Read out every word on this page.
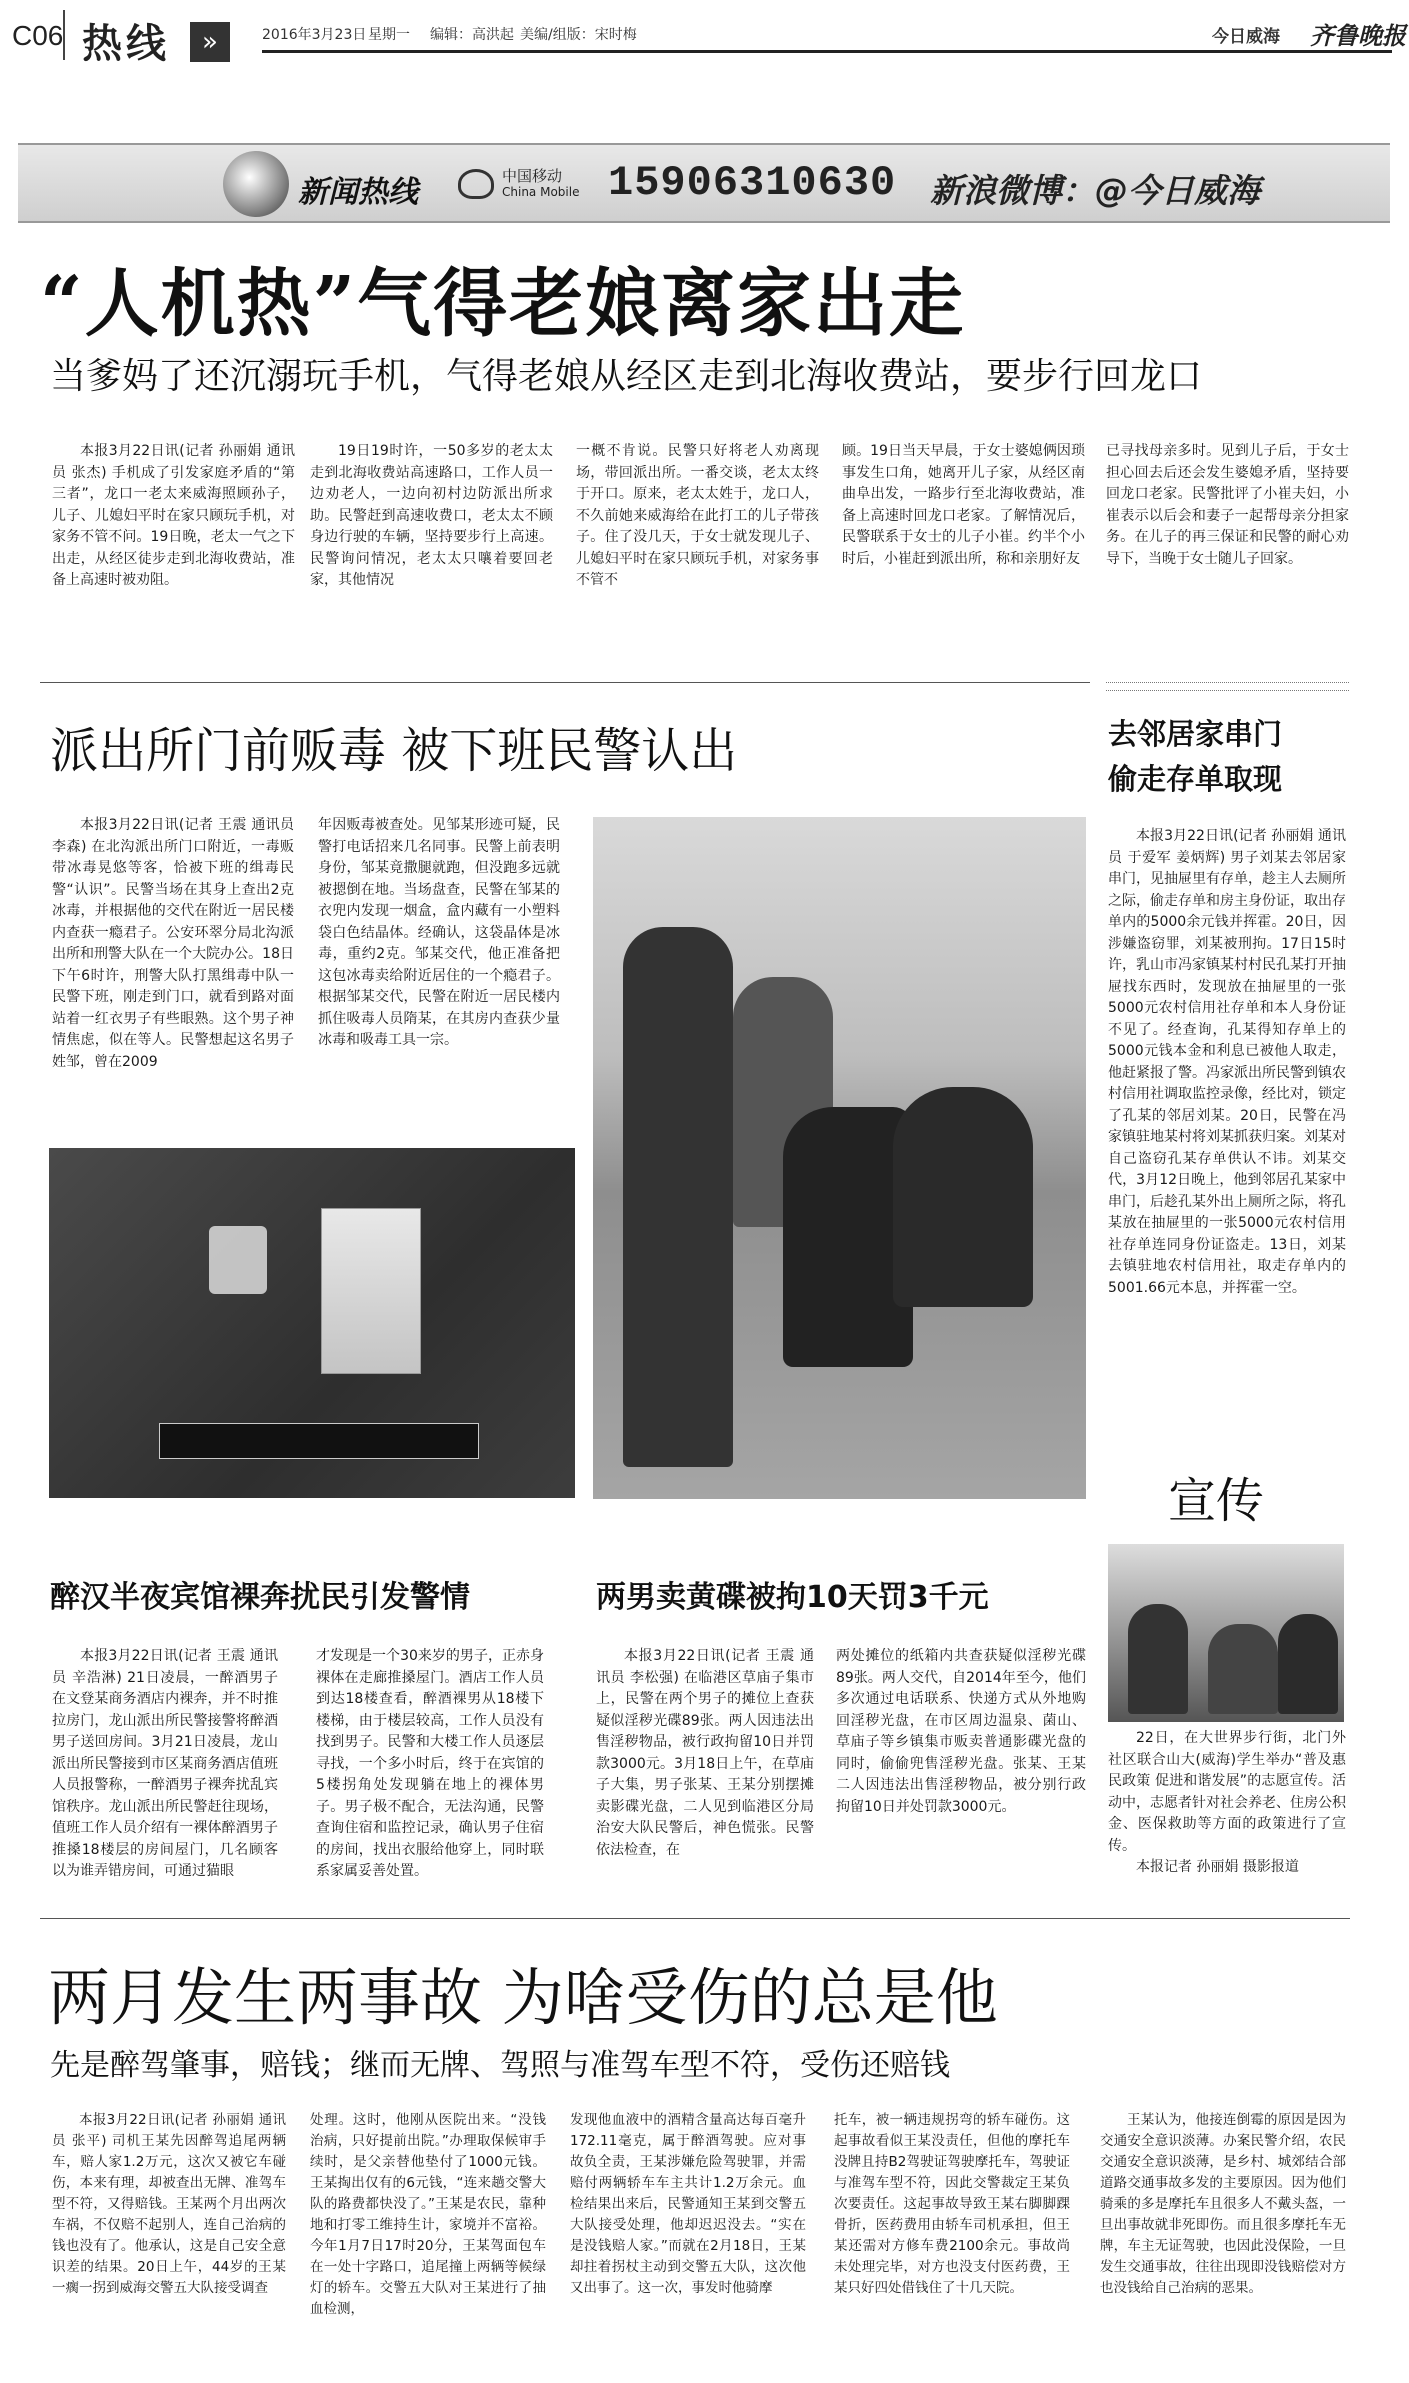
C06 热线	»	2016年3月23日 星期一 编辑：高洪起 美编/组版：宋时梅	今日威海 齐鲁晚报
新闻热线	中国移动
China Mobile 15906310630 新浪微博：@今日威海
“人机热”气得老娘离家出走
当爹妈了还沉溺玩手机，气得老娘从经区走到北海收费站，要步行回龙口

本报3月22日讯(记者 孙丽娟 通讯员 张杰) 手机成了引发家庭矛盾的“第三者”，龙口一老太来威海照顾孙子，儿子、儿媳妇平时在家只顾玩手机，对家务不管不问。19日晚，老太一气之下出走，从经区徒步走到北海收费站，准备上高速时被劝阻。

19日19时许，一50多岁的老太太走到北海收费站高速路口，工作人员一边劝老人，一边向初村边防派出所求助。民警赶到高速收费口，老太太不顾身边行驶的车辆，坚持要步行上高速。民警询问情况，老太太只嚷着要回老家，其他情况

一概不肯说。民警只好将老人劝离现场，带回派出所。一番交谈，老太太终于开口。原来，老太太姓于，龙口人，不久前她来威海给在此打工的儿子带孩子。住了没几天，于女士就发现儿子、儿媳妇平时在家只顾玩手机，对家务事不管不

顾。19日当天早晨，于女士婆媳俩因琐事发生口角，她离开儿子家，从经区南曲阜出发，一路步行至北海收费站，准备上高速时回龙口老家。了解情况后，民警联系于女士的儿子小崔。约半个小时后，小崔赶到派出所，称和亲朋好友

已寻找母亲多时。见到儿子后，于女士担心回去后还会发生婆媳矛盾，坚持要回龙口老家。民警批评了小崔夫妇，小崔表示以后会和妻子一起帮母亲分担家务。在儿子的再三保证和民警的耐心劝导下，当晚于女士随儿子回家。

派出所门前贩毒 被下班民警认出

本报3月22日讯(记者 王震 通讯员 李森) 在北沟派出所门口附近，一毒贩带冰毒晃悠等客，恰被下班的缉毒民警“认识”。民警当场在其身上查出2克冰毒，并根据他的交代在附近一居民楼内查获一瘾君子。公安环翠分局北沟派出所和刑警大队在一个大院办公。18日下午6时许，刑警大队打黑缉毒中队一民警下班，刚走到门口，就看到路对面站着一红衣男子有些眼熟。这个男子神情焦虑，似在等人。民警想起这名男子姓邹，曾在2009

年因贩毒被查处。见邹某形迹可疑，民警打电话招来几名同事。民警上前表明身份，邹某竟撒腿就跑，但没跑多远就被摁倒在地。当场盘查，民警在邹某的衣兜内发现一烟盒，盒内藏有一小塑料袋白色结晶体。经确认，这袋晶体是冰毒，重约2克。邹某交代，他正准备把这包冰毒卖给附近居住的一个瘾君子。根据邹某交代，民警在附近一居民楼内抓住吸毒人员隋某，在其房内查获少量冰毒和吸毒工具一宗。

去邻居家串门
偷走存单取现

本报3月22日讯(记者 孙丽娟 通讯员 于爱军 姜炳辉) 男子刘某去邻居家串门，见抽屉里有存单，趁主人去厕所之际，偷走存单和房主身份证，取出存单内的5000余元钱并挥霍。20日，因涉嫌盗窃罪，刘某被刑拘。17日15时许，乳山市冯家镇某村村民孔某打开抽屉找东西时，发现放在抽屉里的一张5000元农村信用社存单和本人身份证不见了。经查询，孔某得知存单上的5000元钱本金和利息已被他人取走，他赶紧报了警。冯家派出所民警到镇农村信用社调取监控录像，经比对，锁定了孔某的邻居刘某。20日，民警在冯家镇驻地某村将刘某抓获归案。刘某对自己盗窃孔某存单供认不讳。刘某交代，3月12日晚上，他到邻居孔某家中串门，后趁孔某外出上厕所之际，将孔某放在抽屉里的一张5000元农村信用社存单连同身份证盗走。13日，刘某去镇驻地农村信用社，取走存单内的5001.66元本息，并挥霍一空。

宣传

22日，在大世界步行街，北门外社区联合山大(威海)学生举办“普及惠民政策 促进和谐发展”的志愿宣传。活动中，志愿者针对社会养老、住房公积金、医保救助等方面的政策进行了宣传。

本报记者 孙丽娟 摄影报道

醉汉半夜宾馆裸奔扰民引发警情

本报3月22日讯(记者 王震 通讯员 辛浩淋) 21日凌晨，一醉酒男子在文登某商务酒店内裸奔，并不时推拉房门，龙山派出所民警接警将醉酒男子送回房间。3月21日凌晨，龙山派出所民警接到市区某商务酒店值班人员报警称，一醉酒男子裸奔扰乱宾馆秩序。龙山派出所民警赶往现场，值班工作人员介绍有一裸体醉酒男子推搡18楼层的房间屋门，几名顾客以为谁弄错房间，可通过猫眼

才发现是一个30来岁的男子，正赤身裸体在走廊推搡屋门。酒店工作人员到达18楼查看，醉酒裸男从18楼下楼梯，由于楼层较高，工作人员没有找到男子。民警和大楼工作人员逐层寻找，一个多小时后，终于在宾馆的5楼拐角处发现躺在地上的裸体男子。男子极不配合，无法沟通，民警查询住宿和监控记录，确认男子住宿的房间，找出衣服给他穿上，同时联系家属妥善处置。

两男卖黄碟被拘10天罚3千元

本报3月22日讯(记者 王震 通讯员 李松强) 在临港区草庙子集市上，民警在两个男子的摊位上查获疑似淫秽光碟89张。两人因违法出售淫秽物品，被行政拘留10日并罚款3000元。3月18日上午，在草庙子大集，男子张某、王某分别摆摊卖影碟光盘，二人见到临港区分局治安大队民警后，神色慌张。民警依法检查，在

两处摊位的纸箱内共查获疑似淫秽光碟89张。两人交代，自2014年至今，他们多次通过电话联系、快递方式从外地购回淫秽光盘，在市区周边温泉、菌山、草庙子等乡镇集市贩卖普通影碟光盘的同时，偷偷兜售淫秽光盘。张某、王某二人因违法出售淫秽物品，被分别行政拘留10日并处罚款3000元。

两月发生两事故 为啥受伤的总是他
先是醉驾肇事，赔钱；继而无牌、驾照与准驾车型不符，受伤还赔钱

本报3月22日讯(记者 孙丽娟 通讯员 张平) 司机王某先因醉驾追尾两辆车，赔人家1.2万元，这次又被它车碰伤，本来有理，却被查出无牌、准驾车型不符，又得赔钱。王某两个月出两次车祸，不仅赔不起别人，连自己治病的钱也没有了。他承认，这是自己安全意识差的结果。20日上午，44岁的王某一瘸一拐到威海交警五大队接受调查

处理。这时，他刚从医院出来。“没钱治病，只好提前出院。”办理取保候审手续时，是父亲替他垫付了1000元钱。王某掏出仅有的6元钱，“连来趟交警大队的路费都快没了。”王某是农民，靠种地和打零工维持生计，家境并不富裕。今年1月7日17时20分，王某驾面包车在一处十字路口，追尾撞上两辆等候绿灯的轿车。交警五大队对王某进行了抽血检测，

发现他血液中的酒精含量高达每百毫升172.11毫克，属于醉酒驾驶。应对事故负全责，王某涉嫌危险驾驶罪，并需赔付两辆轿车车主共计1.2万余元。血检结果出来后，民警通知王某到交警五大队接受处理，他却迟迟没去。“实在是没钱赔人家。”而就在2月18日，王某却拄着拐杖主动到交警五大队，这次他又出事了。这一次，事发时他骑摩

托车，被一辆违规拐弯的轿车碰伤。这起事故看似王某没责任，但他的摩托车没牌且持B2驾驶证驾驶摩托车，驾驶证与准驾车型不符，因此交警裁定王某负次要责任。这起事故导致王某右脚脚踝骨折，医药费用由轿车司机承担，但王某还需对方修车费2100余元。事故尚未处理完毕，对方也没支付医药费，王某只好四处借钱住了十几天院。

王某认为，他接连倒霉的原因是因为交通安全意识淡薄。办案民警介绍，农民交通安全意识淡薄，是乡村、城郊结合部道路交通事故多发的主要原因。因为他们骑乘的多是摩托车且很多人不戴头盔，一旦出事故就非死即伤。而且很多摩托车无牌，车主无证驾驶，也因此没保险，一旦发生交通事故，往往出现即没钱赔偿对方也没钱给自己治病的恶果。
